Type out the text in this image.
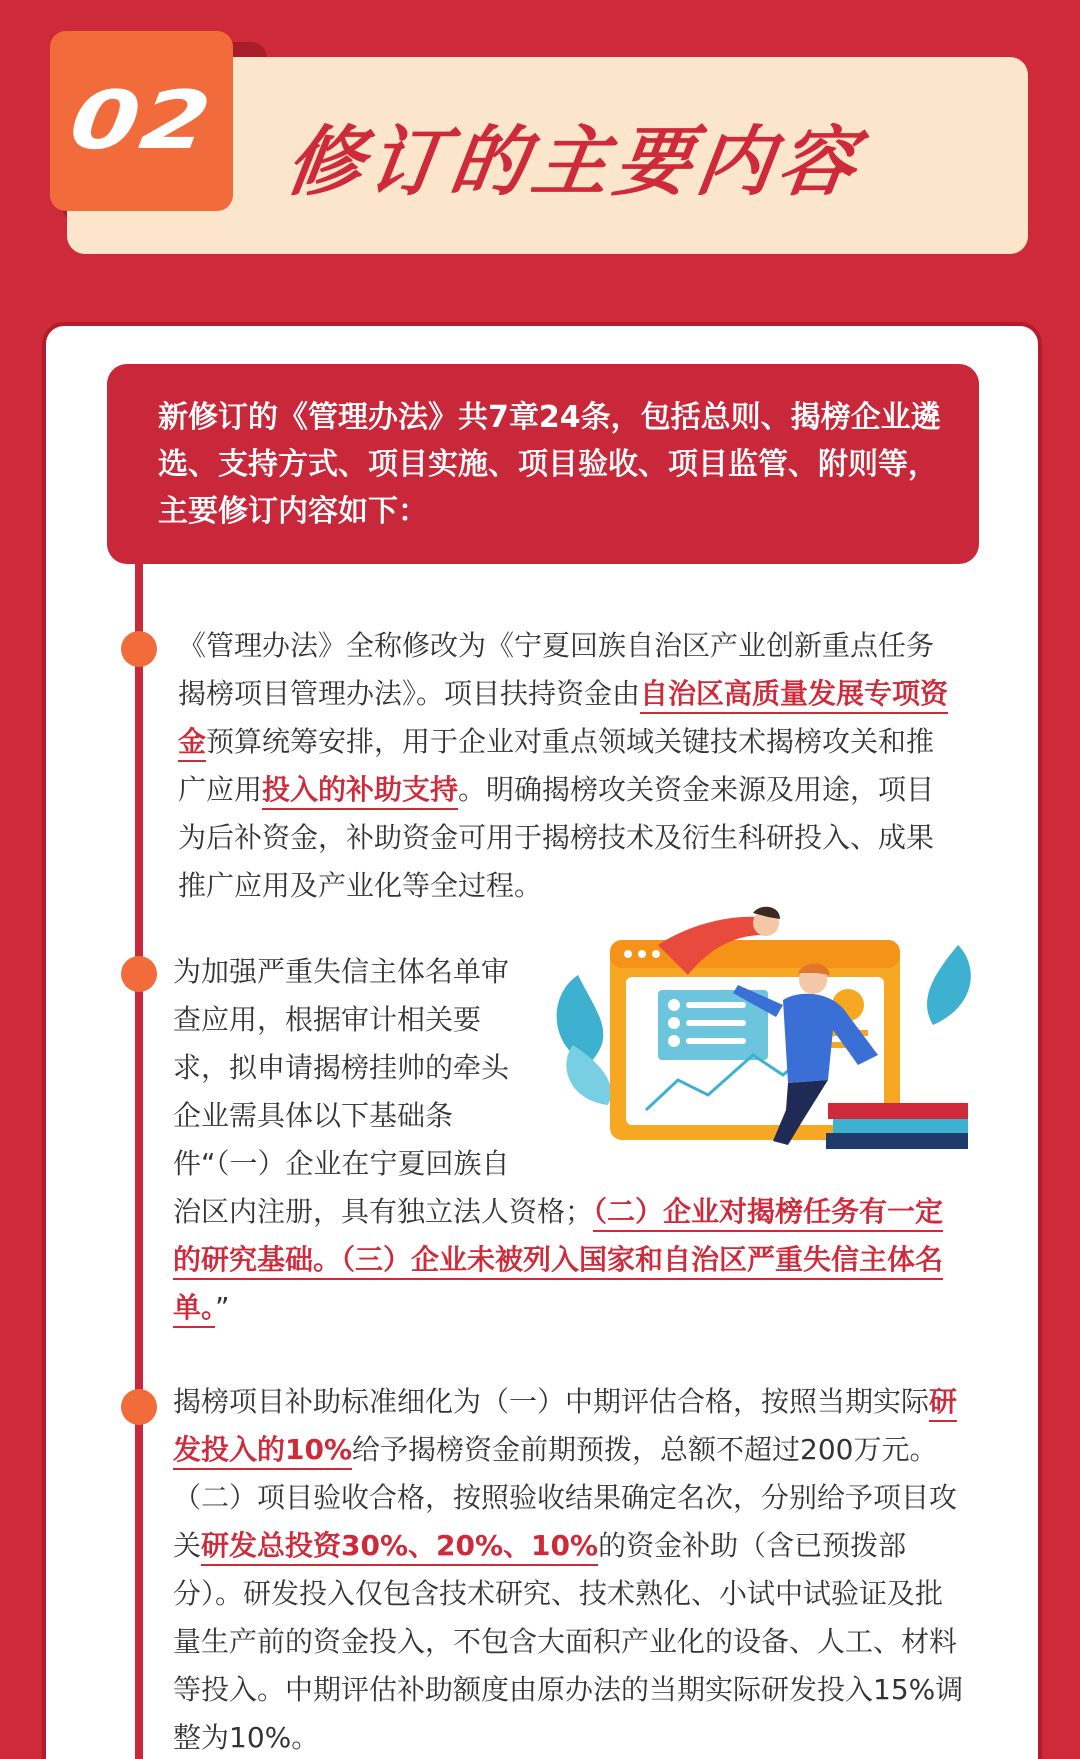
02 修订的主要内容
新修订的《管理办法》共7章24条，包括总则、揭榜企业遴选、支持方式、项目实施、项目验收、项目监管、附则等，主要修订内容如下：
《管理办法》全称修改为《宁夏回族自治区产业创新重点任务揭榜项目管理办法》。项目扶持资金由自治区高质量发展专项资金预算统筹安排，用于企业对重点领域关键技术揭榜攻关和推广应用投入的补助支持。明确揭榜攻关资金来源及用途，项目为后补资金，补助资金可用于揭榜技术及衍生科研投入、成果推广应用及产业化等全过程。
为加强严重失信主体名单审查应用，根据审计相关要求，拟申请揭榜挂帅的牵头企业需具体以下基础条件“（一）企业在宁夏回族自治区内注册，具有独立法人资格；（二）企业对揭榜任务有一定的研究基础。（三）企业未被列入国家和自治区严重失信主体名单。”
揭榜项目补助标准细化为（一）中期评估合格，按照当期实际研发投入的10%给予揭榜资金前期预拨，总额不超过200万元。（二）项目验收合格，按照验收结果确定名次，分别给予项目攻关研发总投资30%、20%、10%的资金补助（含已预拨部分）。研发投入仅包含技术研究、技术熟化、小试中试验证及批量生产前的资金投入，不包含大面积产业化的设备、人工、材料等投入。中期评估补助额度由原办法的当期实际研发投入15%调整为10%。
